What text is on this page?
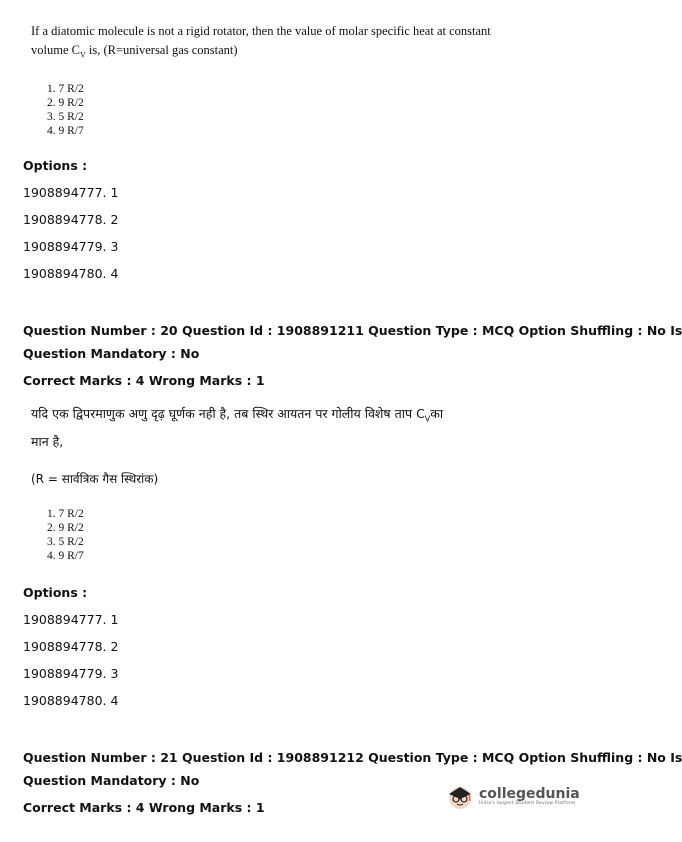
If a diatomic molecule is not a rigid rotator, then the value of molar specific heat at constant
volume $C_V$ is, (R=universal gas constant)
1. 7 R/2
2. 9 R/2
3. 5 R/2
4. 9 R/7
Options :
1908894777. 1
1908894778. 2
1908894779. 3
1908894780. 4
Question Number : 20 Question Id : 1908891211 Question Type : MCQ Option Shuffling : No Is
Question Mandatory : No
Correct Marks : 4 Wrong Marks : 1
यदि एक द्विपरमाणुक अणु दृढ़ घूर्णक नही है, तब स्थिर आयतन पर गोलीय विशेष ताप $C_Vका$
मान है,
(R = सार्वत्रिक गैस स्थिरांक)
1. 7 R/2
2. 9 R/2
3. 5 R/2
4. 9 R/7
Options :
1908894777. 1
1908894778. 2
1908894779. 3
1908894780. 4
Question Number : 21 Question Id : 1908891212 Question Type : MCQ Option Shuffling : No Is
Question Mandatory : No
Correct Marks : 4 Wrong Marks : 1
collegedunia
India's largest Student Review Platform
